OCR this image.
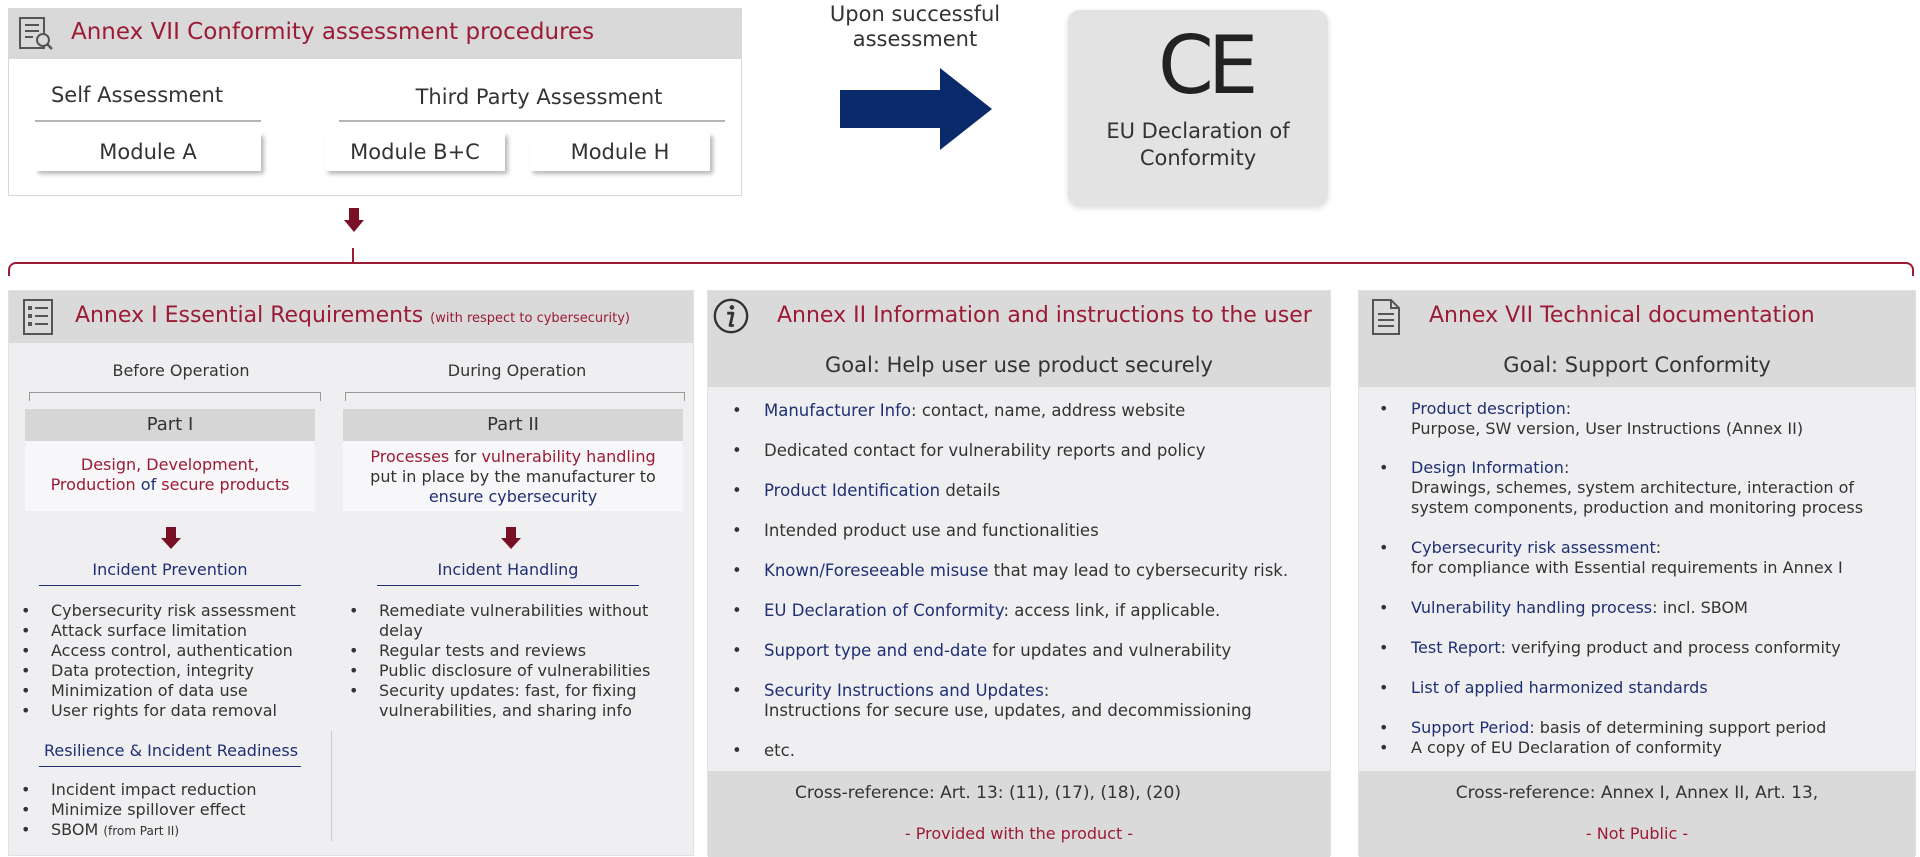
Annex VII Conformity assessment procedures
Self Assessment	Third Party Assessment
Module A	Module B+C	Module H
Upon successful
assessment	CE
EU Declaration of
Conformity
Annex I Essential Requirements (with respect to cybersecurity)
Before Operation	During Operation
Part I	Part II
Design, Development,
Production of secure products
Processes for vulnerability handling
put in place by the manufacturer to
ensure cybersecurity
Incident Prevention	Incident Handling
• Cybersecurity risk assessment
• Attack surface limitation
• Access control, authentication
• Data protection, integrity
• Minimization of data use
• User rights for data removal
• Remediate vulnerabilities without
delay
• Regular tests and reviews
• Public disclosure of vulnerabilities
• Security updates: fast, for fixing
vulnerabilities, and sharing info
Resilience & Incident Readiness
• Incident impact reduction
• Minimize spillover effect
• SBOM (from Part II)
Annex II Information and instructions to the user
Goal: Help user use product securely
• Manufacturer Info: contact, name, address website
• Dedicated contact for vulnerability reports and policy
• Product Identification details
• Intended product use and functionalities
• Known/Foreseeable misuse that may lead to cybersecurity risk.
• EU Declaration of Conformity: access link, if applicable.
• Support type and end-date for updates and vulnerability
• Security Instructions and Updates:
Instructions for secure use, updates, and decommissioning
• etc.
Cross-reference: Art. 13: (11), (17), (18), (20)
- Provided with the product -
Annex VII Technical documentation
Goal: Support Conformity
• Product description:
Purpose, SW version, User Instructions (Annex II)
• Design Information:
Drawings, schemes, system architecture, interaction of
system components, production and monitoring process
• Cybersecurity risk assessment:
for compliance with Essential requirements in Annex I
• Vulnerability handling process: incl. SBOM
• Test Report: verifying product and process conformity
• List of applied harmonized standards
• Support Period: basis of determining support period
• A copy of EU Declaration of conformity
Cross-reference: Annex I, Annex II, Art. 13,
- Not Public -
